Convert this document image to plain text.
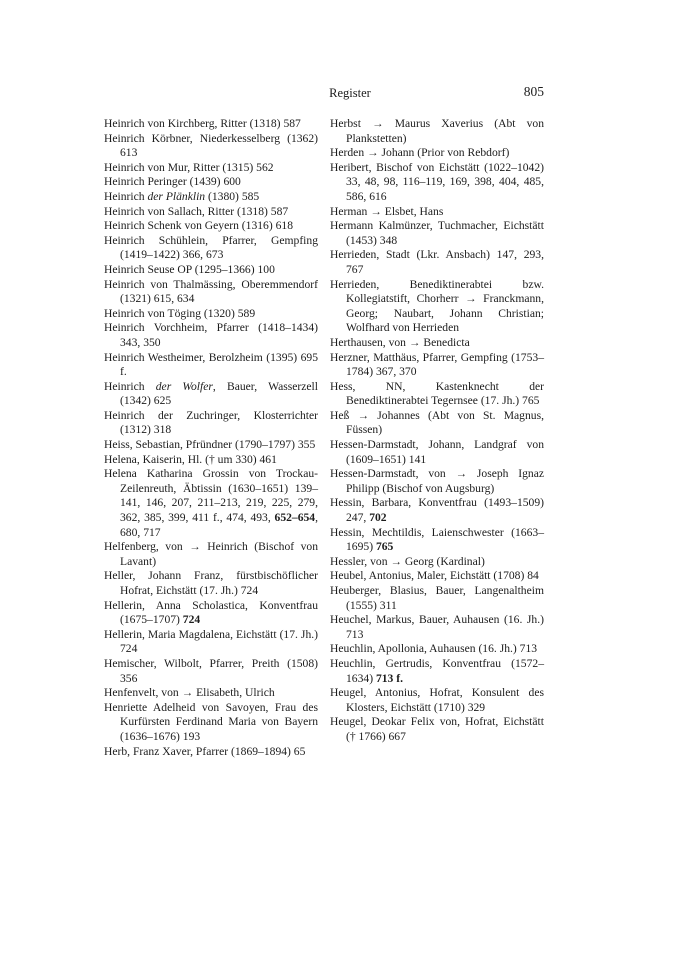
Register	805

Heinrich von Kirchberg, Ritter (1318) 587

Heinrich Körbner, Niederkesselberg (1362) 613

Heinrich von Mur, Ritter (1315) 562

Heinrich Peringer (1439) 600

Heinrich der Plänklin (1380) 585

Heinrich von Sallach, Ritter (1318) 587

Heinrich Schenk von Geyern (1316) 618

Heinrich Schühlein, Pfarrer, Gempfing (1419–1422) 366, 673

Heinrich Seuse OP (1295–1366) 100

Heinrich von Thalmässing, Oberemmendorf (1321) 615, 634

Heinrich von Töging (1320) 589

Heinrich Vorchheim, Pfarrer (1418–1434) 343, 350

Heinrich Westheimer, Berolzheim (1395) 695 f.

Heinrich der Wolfer, Bauer, Wasserzell (1342) 625

Heinrich der Zuchringer, Klosterrichter (1312) 318

Heiss, Sebastian, Pfründner (1790–1797) 355

Helena, Kaiserin, Hl. († um 330) 461

Helena Katharina Grossin von Trockau-Zeilenreuth, Äbtissin (1630–1651) 139–141, 146, 207, 211–213, 219, 225, 279, 362, 385, 399, 411 f., 474, 493, 652–654, 680, 717

Helfenberg, von → Heinrich (Bischof von Lavant)

Heller, Johann Franz, fürstbischöflicher Hofrat, Eichstätt (17. Jh.) 724

Hellerin, Anna Scholastica, Konventfrau (1675–1707) 724

Hellerin, Maria Magdalena, Eichstätt (17. Jh.) 724

Hemischer, Wilbolt, Pfarrer, Preith (1508) 356

Henfenvelt, von → Elisabeth, Ulrich

Henriette Adelheid von Savoyen, Frau des Kurfürsten Ferdinand Maria von Bayern (1636–1676) 193

Herb, Franz Xaver, Pfarrer (1869–1894) 65

Herbst → Maurus Xaverius (Abt von Plankstetten)

Herden → Johann (Prior von Rebdorf)

Heribert, Bischof von Eichstätt (1022–1042) 33, 48, 98, 116–119, 169, 398, 404, 485, 586, 616

Herman → Elsbet, Hans

Hermann Kalmünzer, Tuchmacher, Eichstätt (1453) 348

Herrieden, Stadt (Lkr. Ansbach) 147, 293, 767

Herrieden, Benediktinerabtei bzw. Kollegiatstift, Chorherr → Franckmann, Georg; Naubart, Johann Christian; Wolfhard von Herrieden

Herthausen, von → Benedicta

Herzner, Matthäus, Pfarrer, Gempfing (1753–1784) 367, 370

Hess, NN, Kastenknecht der Benediktinerabtei Tegernsee (17. Jh.) 765

Heß → Johannes (Abt von St. Magnus, Füssen)

Hessen-Darmstadt, Johann, Landgraf von (1609–1651) 141

Hessen-Darmstadt, von → Joseph Ignaz Philipp (Bischof von Augsburg)

Hessin, Barbara, Konventfrau (1493–1509) 247, 702

Hessin, Mechtildis, Laienschwester (1663–1695) 765

Hessler, von → Georg (Kardinal)

Heubel, Antonius, Maler, Eichstätt (1708) 84

Heuberger, Blasius, Bauer, Langenaltheim (1555) 311

Heuchel, Markus, Bauer, Auhausen (16. Jh.) 713

Heuchlin, Apollonia, Auhausen (16. Jh.) 713

Heuchlin, Gertrudis, Konventfrau (1572–1634) 713 f.

Heugel, Antonius, Hofrat, Konsulent des Klosters, Eichstätt (1710) 329

Heugel, Deokar Felix von, Hofrat, Eichstätt († 1766) 667
